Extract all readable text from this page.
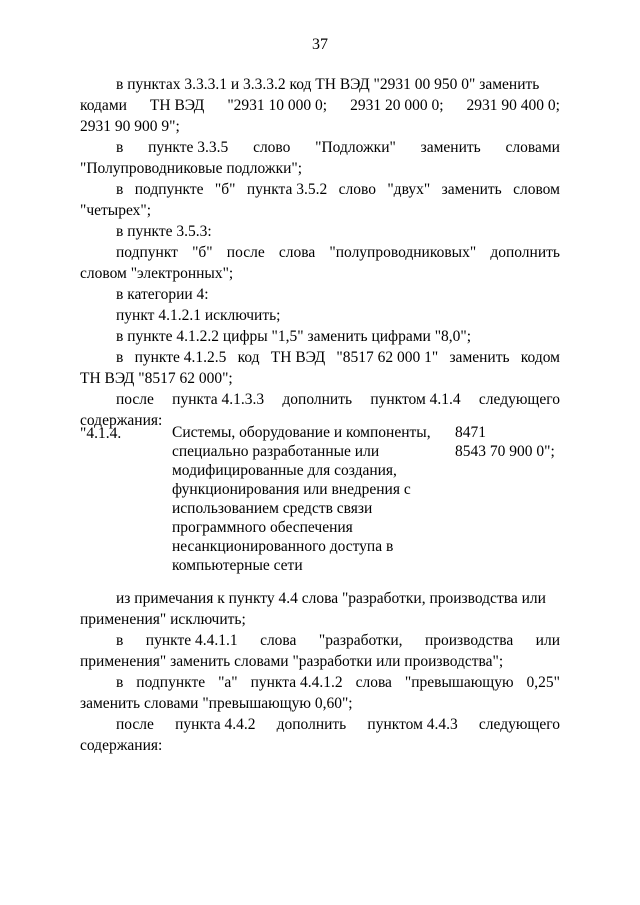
37
в пунктах 3.3.3.1 и 3.3.3.2 код ТН ВЭД "2931 00 950 0" заменить
кодами ТН ВЭД "2931 10 000 0; 2931 20 000 0; 2931 90 400 0;
2931 90 900 9";
в пункте 3.3.5 слово "Подложки" заменить словами
"Полупроводниковые подложки";
в подпункте "б" пункта 3.5.2 слово "двух" заменить словом
"четырех";
в пункте 3.5.3:
подпункт "б" после слова "полупроводниковых" дополнить
словом "электронных";
в категории 4:
пункт 4.1.2.1 исключить;
в пункте 4.1.2.2 цифры "1,5" заменить цифрами "8,0";
в пункте 4.1.2.5 код ТН ВЭД "8517 62 000 1" заменить кодом
ТН ВЭД "8517 62 000";
после пункта 4.1.3.3 дополнить пунктом 4.1.4 следующего
содержания:
"4.1.4.	Системы, оборудование и компоненты,
специально разработанные или
модифицированные для создания,
функционирования или внедрения с
использованием средств связи
программного обеспечения
несанкционированного доступа в
компьютерные сети
8471
8543 70 900 0";
из примечания к пункту 4.4 слова "разработки, производства или
применения" исключить;
в пункте 4.4.1.1 слова "разработки, производства или
применения" заменить словами "разработки или производства";
в подпункте "а" пункта 4.4.1.2 слова "превышающую 0,25"
заменить словами "превышающую 0,60";
после пункта 4.4.2 дополнить пунктом 4.4.3 следующего
содержания:
